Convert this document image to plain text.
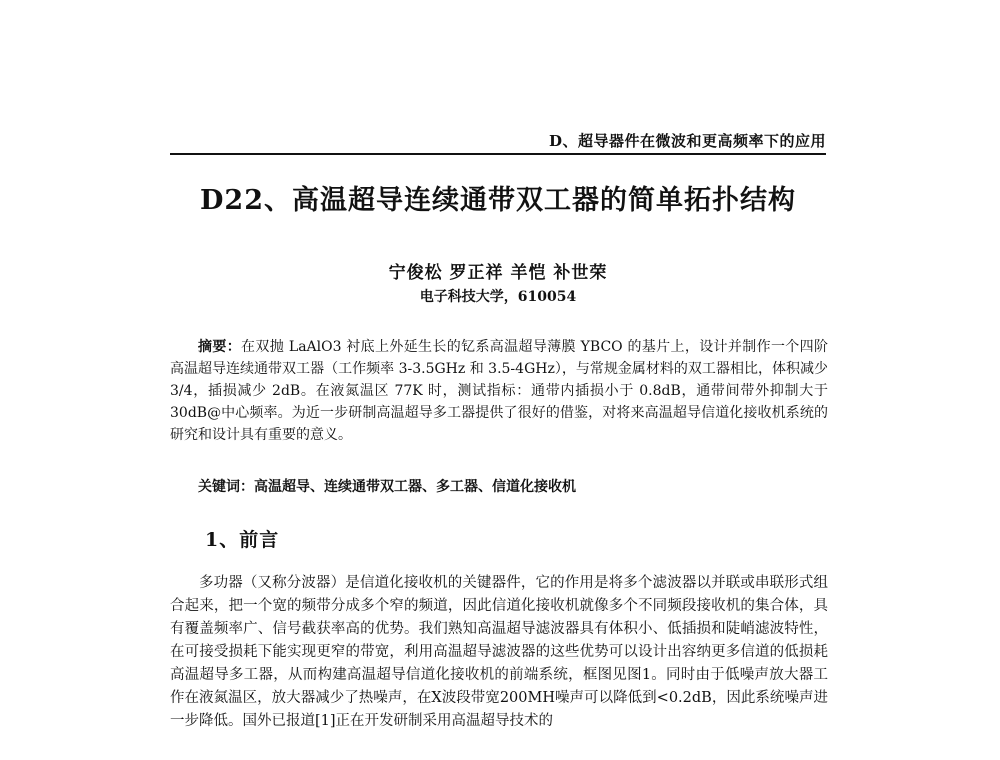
D、超导器件在微波和更高频率下的应用
D22、高温超导连续通带双工器的简单拓扑结构
宁俊松 罗正祥 羊恺 补世荣
电子科技大学，610054
摘要：在双抛 LaAlO3 衬底上外延生长的钇系高温超导薄膜 YBCO 的基片上，设计并制作一个四阶高温超导连续通带双工器（工作频率 3-3.5GHz 和 3.5-4GHz），与常规金属材料的双工器相比，体积减少 3/4，插损减少 2dB。在液氮温区 77K 时，测试指标：通带内插损小于 0.8dB，通带间带外抑制大于 30dB@中心频率。为近一步研制高温超导多工器提供了很好的借鉴，对将来高温超导信道化接收机系统的研究和设计具有重要的意义。
关键词：高温超导、连续通带双工器、多工器、信道化接收机
1、前言
多功器（又称分波器）是信道化接收机的关键器件，它的作用是将多个滤波器以并联或串联形式组合起来，把一个宽的频带分成多个窄的频道，因此信道化接收机就像多个不同频段接收机的集合体，具有覆盖频率广、信号截获率高的优势。我们熟知高温超导滤波器具有体积小、低插损和陡峭滤波特性，在可接受损耗下能实现更窄的带宽，利用高温超导滤波器的这些优势可以设计出容纳更多信道的低损耗高温超导多工器，从而构建高温超导信道化接收机的前端系统，框图见图1。同时由于低噪声放大器工作在液氮温区，放大器减少了热噪声，在X波段带宽200MH噪声可以降低到<0.2dB，因此系统噪声进一步降低。国外已报道[1]正在开发研制采用高温超导技术的
